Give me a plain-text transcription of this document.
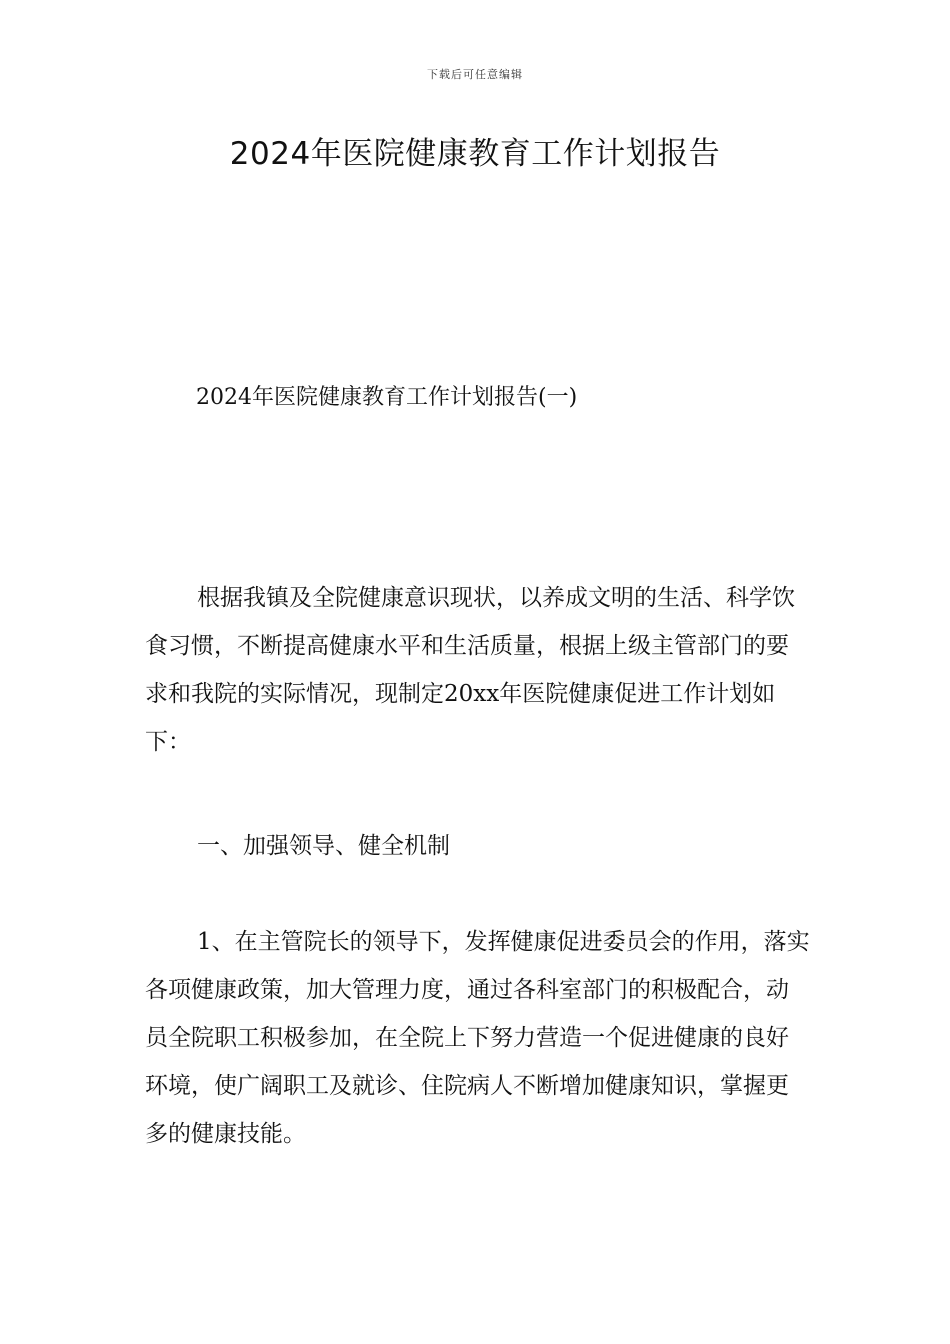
下载后可任意编辑
2024年医院健康教育工作计划报告

2024年医院健康教育工作计划报告(一)

根据我镇及全院健康意识现状，以养成文明的生活、科学饮食习惯，不断提高健康水平和生活质量，根据上级主管部门的要求和我院的实际情况，现制定20xx年医院健康促进工作计划如下：

一、加强领导、健全机制

1、在主管院长的领导下，发挥健康促进委员会的作用，落实各项健康政策，加大管理力度，通过各科室部门的积极配合，动员全院职工积极参加，在全院上下努力营造一个促进健康的良好环境，使广阔职工及就诊、住院病人不断增加健康知识，掌握更多的健康技能。
